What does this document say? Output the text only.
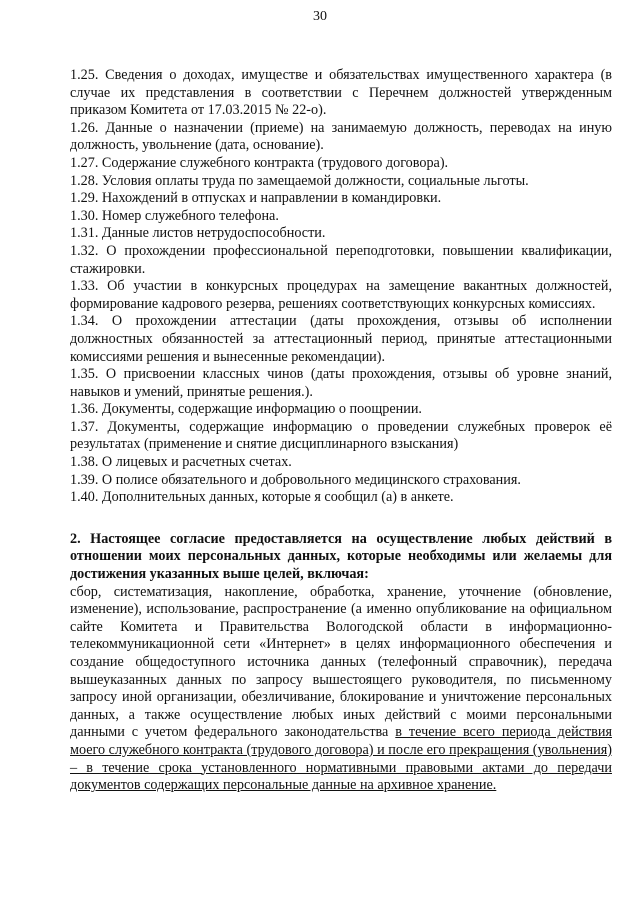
30

1.25. Сведения о доходах, имуществе и обязательствах имущественного характера (в случае их представления в соответствии с Перечнем должностей утвержденным приказом Комитета от 17.03.2015 № 22-о).

1.26. Данные о назначении (приеме) на занимаемую должность, переводах на иную должность, увольнение (дата, основание).

1.27. Содержание служебного контракта (трудового договора).

1.28. Условия оплаты труда по замещаемой должности, социальные льготы.

1.29. Нахождений в отпусках и направлении в командировки.

1.30. Номер служебного телефона.

1.31. Данные листов нетрудоспособности.

1.32. О прохождении профессиональной переподготовки, повышении квалификации, стажировки.

1.33. Об участии в конкурсных процедурах на замещение вакантных должностей, формирование кадрового резерва, решениях соответствующих конкурсных комиссиях.

1.34. О прохождении аттестации (даты прохождения, отзывы об исполнении должностных обязанностей за аттестационный период, принятые аттестационными комиссиями решения и вынесенные рекомендации).

1.35. О присвоении классных чинов (даты прохождения, отзывы об уровне знаний, навыков и умений, принятые решения.).

1.36. Документы, содержащие информацию о поощрении.

1.37. Документы, содержащие информацию о проведении служебных проверок её результатах (применение и снятие дисциплинарного взыскания)

1.38. О лицевых и расчетных счетах.

1.39. О полисе обязательного и добровольного медицинского страхования.

1.40. Дополнительных данных, которые я сообщил (а) в анкете.

2. Настоящее согласие предоставляется на осуществление любых действий в отношении моих персональных данных, которые необходимы или желаемы для достижения указанных выше целей, включая:

сбор, систематизация, накопление, обработка, хранение, уточнение (обновление, изменение), использование, распространение (а именно опубликование на официальном сайте Комитета и Правительства Вологодской области в информационно-телекоммуникационной сети «Интернет» в целях информационного обеспечения и создание общедоступного источника данных (телефонный справочник), передача вышеуказанных данных по запросу вышестоящего руководителя, по письменному запросу иной организации, обезличивание, блокирование и уничтожение персональных данных, а также осуществление любых иных действий с моими персональными данными с учетом федерального законодательства в течение всего периода действия моего служебного контракта (трудового договора) и после его прекращения (увольнения) – в течение срока установленного нормативными правовыми актами до передачи документов содержащих персональные данные на архивное хранение.
